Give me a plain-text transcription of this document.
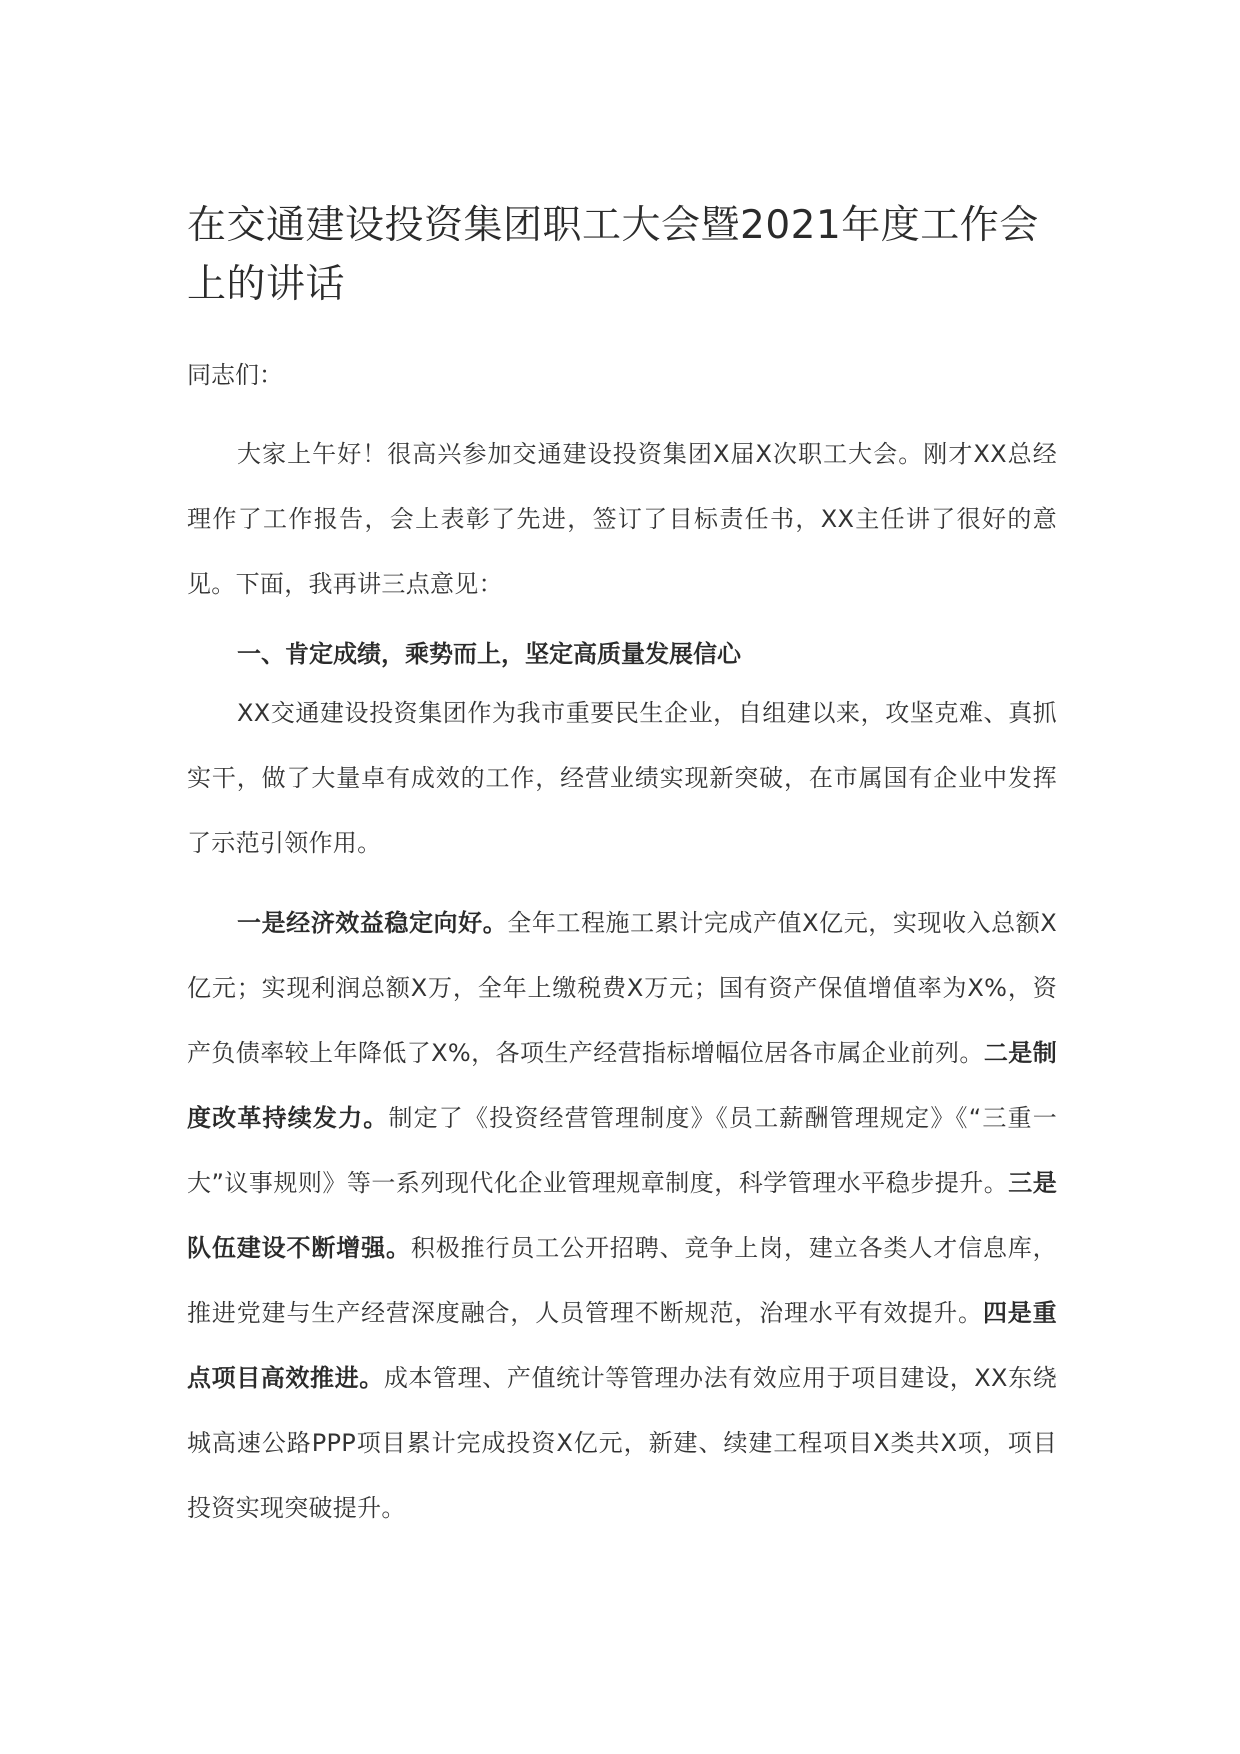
在交通建设投资集团职工大会暨2021年度工作会上的讲话

同志们：

大家上午好！很高兴参加交通建设投资集团X届X次职工大会。刚才XX总经理作了工作报告，会上表彰了先进，签订了目标责任书，XX主任讲了很好的意见。下面，我再讲三点意见：

一、肯定成绩，乘势而上，坚定高质量发展信心

XX交通建设投资集团作为我市重要民生企业，自组建以来，攻坚克难、真抓实干，做了大量卓有成效的工作，经营业绩实现新突破，在市属国有企业中发挥了示范引领作用。

一是经济效益稳定向好。全年工程施工累计完成产值X亿元，实现收入总额X亿元；实现利润总额X万，全年上缴税费X万元；国有资产保值增值率为X%，资产负债率较上年降低了X%，各项生产经营指标增幅位居各市属企业前列。二是制度改革持续发力。制定了《投资经营管理制度》《员工薪酬管理规定》《“三重一大”议事规则》等一系列现代化企业管理规章制度，科学管理水平稳步提升。三是队伍建设不断增强。积极推行员工公开招聘、竞争上岗，建立各类人才信息库，推进党建与生产经营深度融合，人员管理不断规范，治理水平有效提升。四是重点项目高效推进。成本管理、产值统计等管理办法有效应用于项目建设，XX东绕城高速公路PPP项目累计完成投资X亿元，新建、续建工程项目X类共X项，项目投资实现突破提升。
